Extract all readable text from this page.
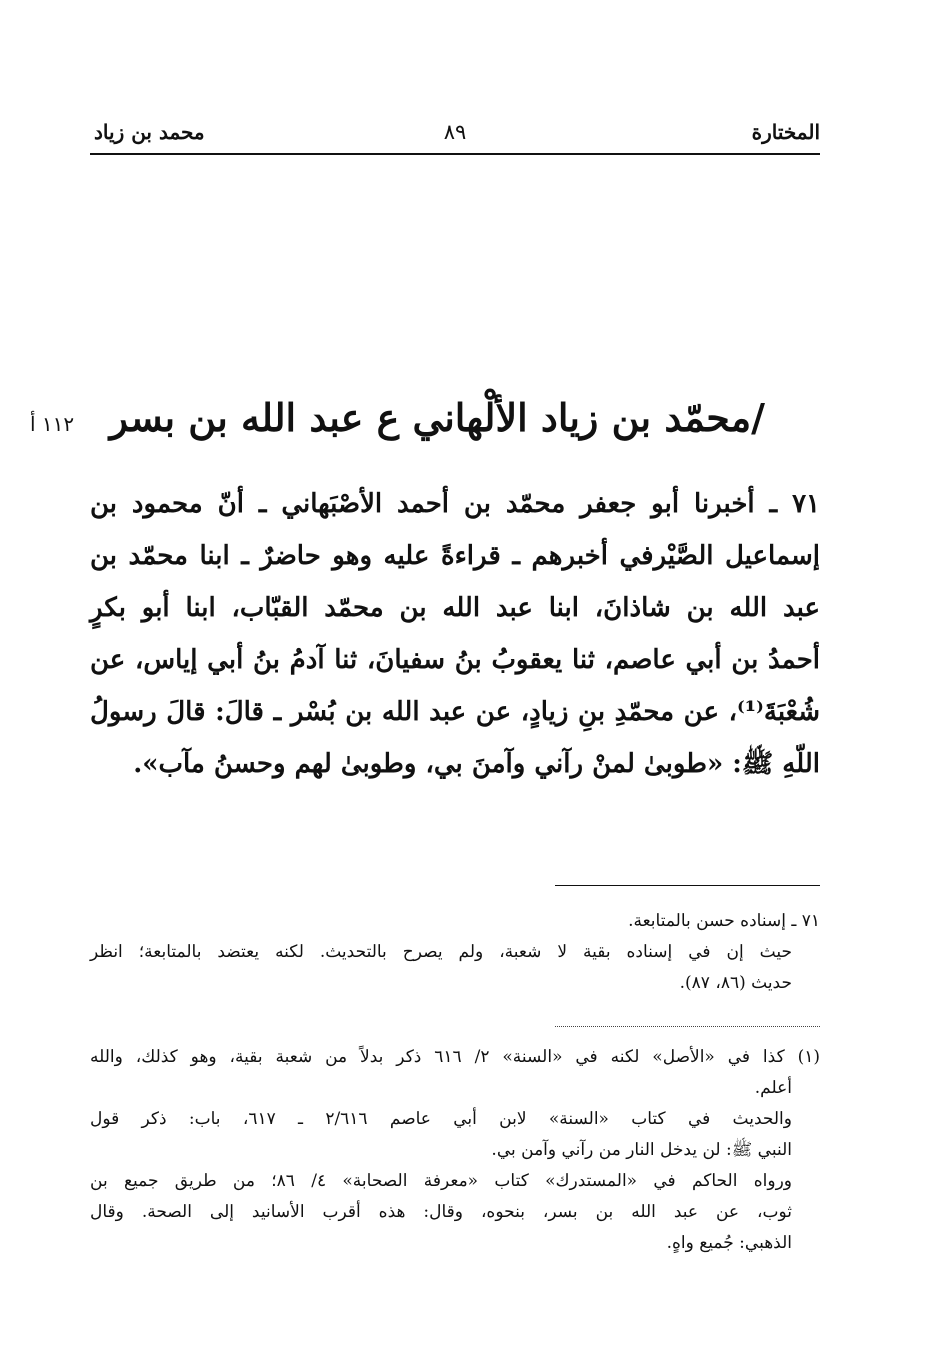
المختارة
٨٩
محمد بن زياد
/محمّد بن زياد الألْهاني ع عبد الله بن بسر
١١٢ أ
٧١ ـ أخبرنا أبو جعفر محمّد بن أحمد الأصْبَهاني ـ أنّ محمود بن
إسماعيل الصَّيْرفي أخبرهم ـ قراءةً عليه وهو حاضرٌ ـ ابنا محمّد بن
عبد الله بن شاذانَ، ابنا عبد الله بن محمّد القبّاب، ابنا أبو بكرٍ
أحمدُ بن أبي عاصم، ثنا يعقوبُ بنُ سفيانَ، ثنا آدمُ بنُ أبي إياس، عن
شُعْبَةَ⁽¹⁾، عن محمّدِ بنِ زيادٍ، عن عبد الله بن بُسْر ـ قالَ: قالَ رسولُ
اللّهِ ﷺ: «طوبىٰ لمنْ رآني وآمنَ بي، وطوبىٰ لهم وحسنُ مآب».
٧١ ـ إسناده حسن بالمتابعة.
حيث إن في إسناده بقية لا شعبة، ولم يصرح بالتحديث. لكنه يعتضد بالمتابعة؛ انظر
حديث (٨٦، ٨٧).
(١) كذا في «الأصل» لكنه في «السنة» ٢/ ٦١٦ ذكر بدلاً من شعبة بقية، وهو كذلك، والله
أعلم.
والحديث في كتاب «السنة» لابن أبي عاصم ٢/٦١٦ ـ ٦١٧، باب: ذكر قول
النبي ﷺ: لن يدخل النار من رآني وآمن بي.
ورواه الحاكم في «المستدرك» كتاب «معرفة الصحابة» ٤/ ٨٦؛ من طريق جميع بن
ثوب، عن عبد الله بن بسر، بنحوه، وقال: هذه أقرب الأسانيد إلى الصحة. وقال
الذهبي: جُميع واهٍ.
